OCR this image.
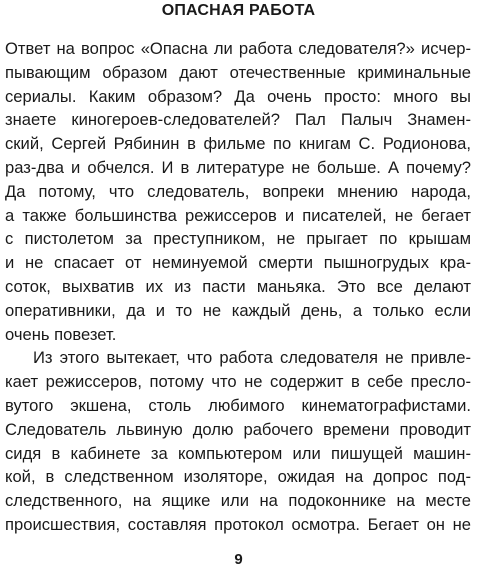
ОПАСНАЯ РАБОТА
Ответ на вопрос «Опасна ли работа следователя?» исчер-
пывающим образом дают отечественные криминальные
сериалы. Каким образом? Да очень просто: много вы
знаете киногероев-следователей? Пал Палыч Знамен-
ский, Сергей Рябинин в фильме по книгам С. Родионова,
раз-два и обчелся. И в литературе не больше. А почему?
Да потому, что следователь, вопреки мнению народа,
а также большинства режиссеров и писателей, не бегает
с пистолетом за преступником, не прыгает по крышам
и не спасает от неминуемой смерти пышногрудых кра-
соток, выхватив их из пасти маньяка. Это все делают
оперативники, да и то не каждый день, а только если
очень повезет.
Из этого вытекает, что работа следователя не привле-
кает режиссеров, потому что не содержит в себе пресло-
вутого экшена, столь любимого кинематографистами.
Следователь львиную долю рабочего времени проводит
сидя в кабинете за компьютером или пишущей машин-
кой, в следственном изоляторе, ожидая на допрос под-
следственного, на ящике или на подоконнике на месте
происшествия, составляя протокол осмотра. Бегает он не
9
